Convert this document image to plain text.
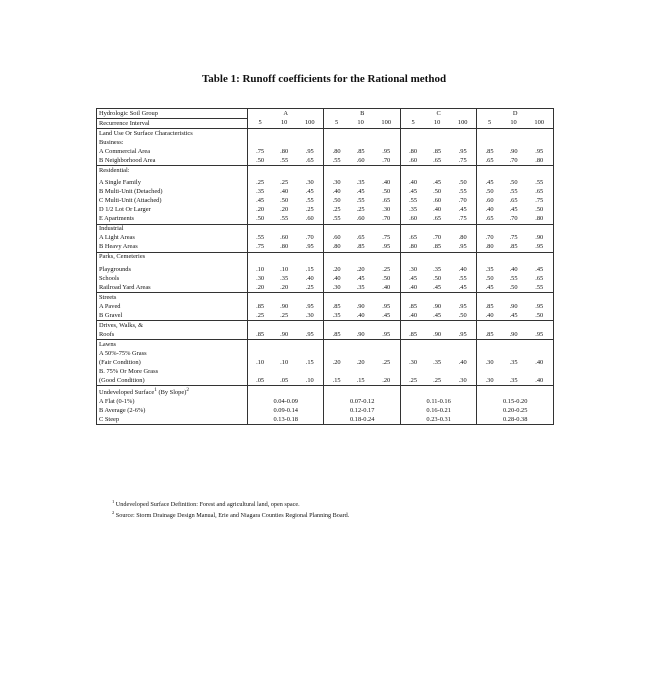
Table 1: Runoff coefficients for the Rational method
Hydrologic Soil Group	A			B			C			D		
Recurrence Interval	5	10	100	5	10	100	5	10	100	5	10	100
Land Use Or Surface Characteristics												
Business:												
A Commercial Area	.75	.80	.95	.80	.85	.95	.80	.85	.95	.85	.90	.95
B Neighborhood Area	.50	.55	.65	.55	.60	.70	.60	.65	.75	.65	.70	.80
Residential:												
A Single Family	.25	.25	.30	.30	.35	.40	.40	.45	.50	.45	.50	.55
B Multi-Unit (Detached)	.35	.40	.45	.40	.45	.50	.45	.50	.55	.50	.55	.65
C Multi-Unit (Attached)	.45	.50	.55	.50	.55	.65	.55	.60	.70	.60	.65	.75
D 1/2 Lot Or Larger	.20	.20	.25	.25	.25	.30	.35	.40	.45	.40	.45	.50
E Apartments	.50	.55	.60	.55	.60	.70	.60	.65	.75	.65	.70	.80
Industrial												
A Light Areas	.55	.60	.70	.60	.65	.75	.65	.70	.80	.70	.75	.90
B Heavy Areas	.75	.80	.95	.80	.85	.95	.80	.85	.95	.80	.85	.95
Parks, Cemeteries												
Playgrounds	.10	.10	.15	.20	.20	.25	.30	.35	.40	.35	.40	.45
Schools	.30	.35	.40	.40	.45	.50	.45	.50	.55	.50	.55	.65
Railroad Yard Areas	.20	.20	.25	.30	.35	.40	.40	.45	.45	.45	.50	.55
Streets												
A Paved	.85	.90	.95	.85	.90	.95	.85	.90	.95	.85	.90	.95
B Gravel	.25	.25	.30	.35	.40	.45	.40	.45	.50	.40	.45	.50
Drives, Walks, &												
Roofs	.85	.90	.95	.85	.90	.95	.85	.90	.95	.85	.90	.95
Lawns												
A 50%-75% Grass												
(Fair Condition)	.10	.10	.15	.20	.20	.25	.30	.35	.40	.30	.35	.40
B. 75% Or More Grass												
(Good Condition)	.05	.05	.10	.15	.15	.20	.25	.25	.30	.30	.35	.40
Undeveloped Surface$^1$ (By Slope)$^2$				
A Flat (0-1%)	0.04-0.09			0.07-0.12			0.11-0.16			0.15-0.20		
B Average (2-6%)	0.09-0.14			0.12-0.17			0.16-0.21			0.20-0.25		
C Steep	0.13-0.18			0.18-0.24			0.23-0.31			0.28-0.38		
$^1$ Undeveloped Surface Definition: Forest and agricultural land, open space.
$^2$ Source: Storm Drainage Design Manual, Erie and Niagara Counties Regional Planning Board.
